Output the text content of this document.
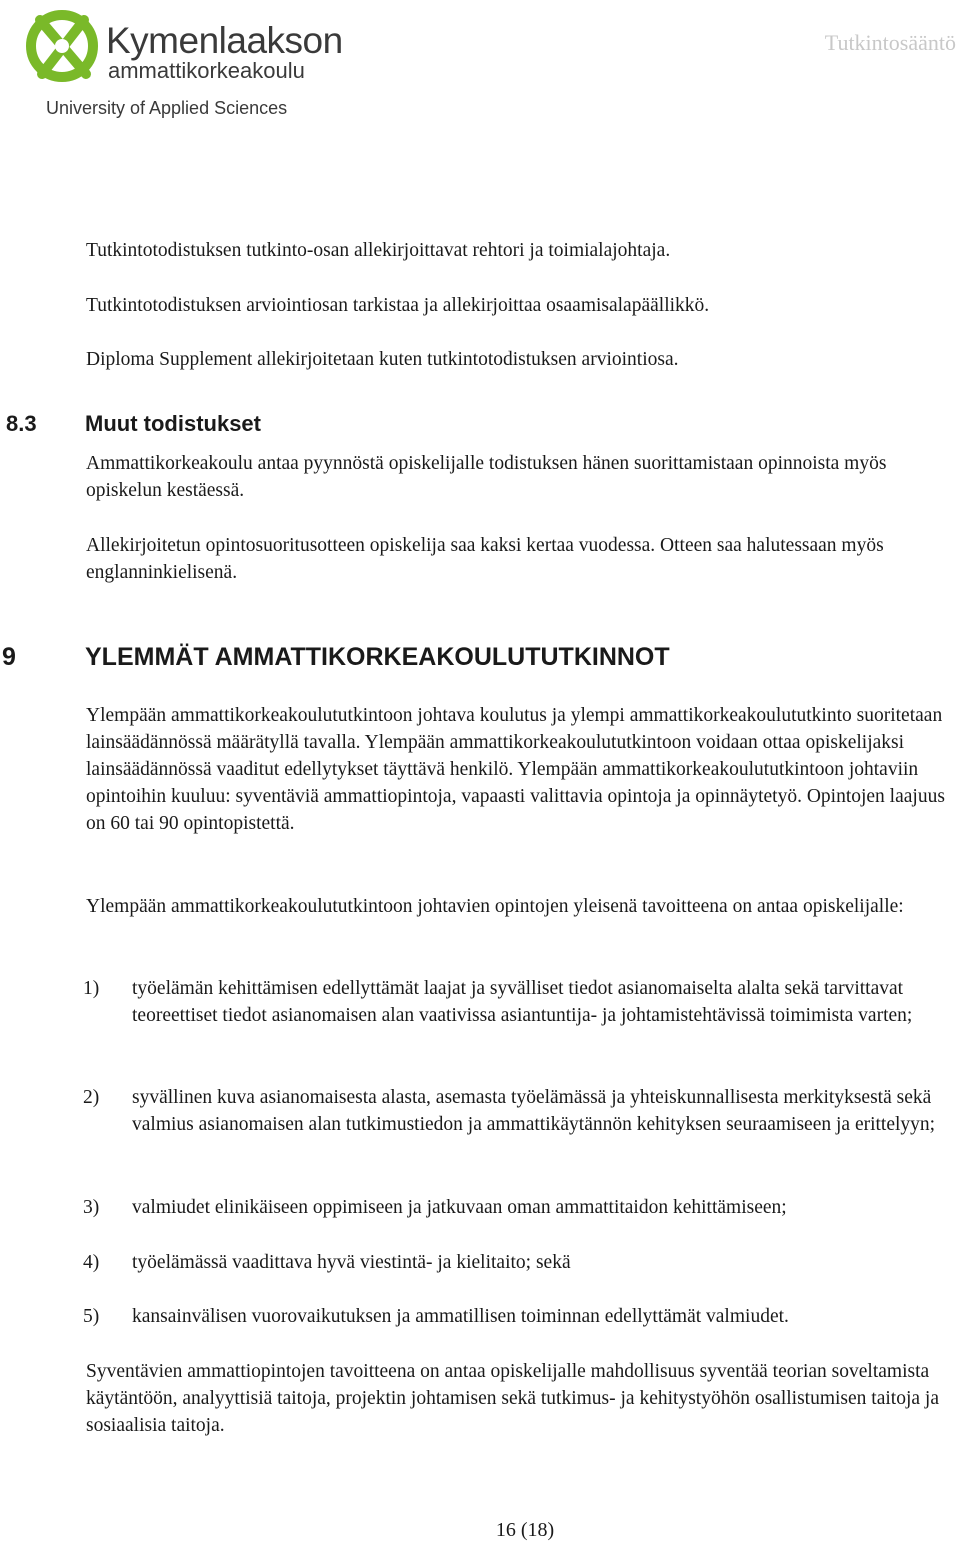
Kymenlaakson
ammattikorkeakoulu
University of Applied Sciences
Tutkintosääntö
Tutkintotodistuksen tutkinto-osan allekirjoittavat rehtori ja toimialajohtaja.
Tutkintotodistuksen arviointiosan tarkistaa ja allekirjoittaa osaamisalapäällikkö.
Diploma Supplement allekirjoitetaan kuten tutkintotodistuksen arviointiosa.
8.3 Muut todistukset
Ammattikorkeakoulu antaa pyynnöstä opiskelijalle todistuksen hänen suorittamistaan opinnoista myös opiskelun kestäessä.
Allekirjoitetun opintosuoritusotteen opiskelija saa kaksi kertaa vuodessa. Otteen saa halutessaan myös englanninkielisenä.
9	YLEMMÄT AMMATTIKORKEAKOULUTUTKINNOT
Ylempään ammattikorkeakoulututkintoon johtava koulutus ja ylempi ammattikorkeakoulututkinto suoritetaan lainsäädännössä määrätyllä tavalla. Ylempään ammattikorkeakoulututkintoon voidaan ottaa opiskelijaksi lainsäädännössä vaaditut edellytykset täyttävä henkilö. Ylempään ammattikorkeakoulututkintoon johtaviin opintoihin kuuluu: syventäviä ammattiopintoja, vapaasti valittavia opintoja ja opinnäytetyö. Opintojen laajuus on 60 tai 90 opintopistettä.
Ylempään ammattikorkeakoulututkintoon johtavien opintojen yleisenä tavoitteena on antaa opiskelijalle:
1) työelämän kehittämisen edellyttämät laajat ja syvälliset tiedot asianomaiselta alalta sekä tarvittavat teoreettiset tiedot asianomaisen alan vaativissa asiantuntija- ja johtamistehtävissä toimimista varten;
2) syvällinen kuva asianomaisesta alasta, asemasta työelämässä ja yhteiskunnallisesta merkityksestä sekä valmius asianomaisen alan tutkimustiedon ja ammattikäytännön kehityksen seuraamiseen ja erittelyyn;
3) valmiudet elinikäiseen oppimiseen ja jatkuvaan oman ammattitaidon kehittämiseen;
4) työelämässä vaadittava hyvä viestintä- ja kielitaito; sekä
5) kansainvälisen vuorovaikutuksen ja ammatillisen toiminnan edellyttämät valmiudet.
Syventävien ammattiopintojen tavoitteena on antaa opiskelijalle mahdollisuus syventää teorian soveltamista käytäntöön, analyyttisiä taitoja, projektin johtamisen sekä tutkimus- ja kehitystyöhön osallistumisen taitoja ja sosiaalisia taitoja.
16 (18)
